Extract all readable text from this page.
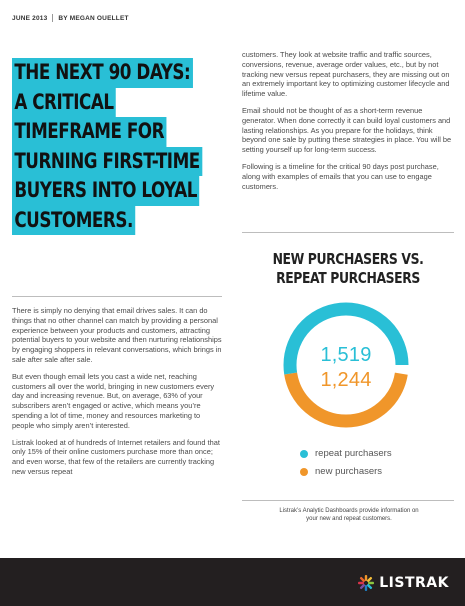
JUNE 2013 BY MEGAN OUELLET
THE NEXT 90 DAYS:
A CRITICAL
TIMEFRAME FOR
TURNING FIRST-TIME
BUYERS INTO LOYAL
CUSTOMERS.

There is simply no denying that email drives sales. It can do things that no other channel can match by providing a personal experience between your products and customers, attracting potential buyers to your website and then nurturing relationships by engaging shoppers in relevant conversations, which brings in sale after sale after sale.

But even though email lets you cast a wide net, reaching customers all over the world, bringing in new customers every day and increasing revenue. But, on average, 63% of your subscribers aren’t engaged or active, which means you’re spending a lot of time, money and resources marketing to people who simply aren’t interested.

Listrak looked at of hundreds of Internet retailers and found that only 15% of their online customers purchase more than once; and even worse, that few of the retailers are currently tracking new versus repeat

customers. They look at website traffic and traffic sources, conversions, revenue, average order values, etc., but by not tracking new versus repeat purchasers, they are missing out on an extremely important key to optimizing customer lifecycle and lifetime value.

Email should not be thought of as a short-term revenue generator. When done correctly it can build loyal customers and lasting relationships. As you prepare for the holidays, think beyond one sale by putting these strategies in place. You will be setting yourself up for long-term success.

Following is a timeline for the critical 90 days post purchase, along with examples of emails that you can use to engage customers.

NEW PURCHASERS VS.
REPEAT PURCHASERS
1,519
1,244
repeat purchasers
new purchasers
Listrak’s Analytic Dashboards provide information on
your new and repeat customers.
LISTRAK
